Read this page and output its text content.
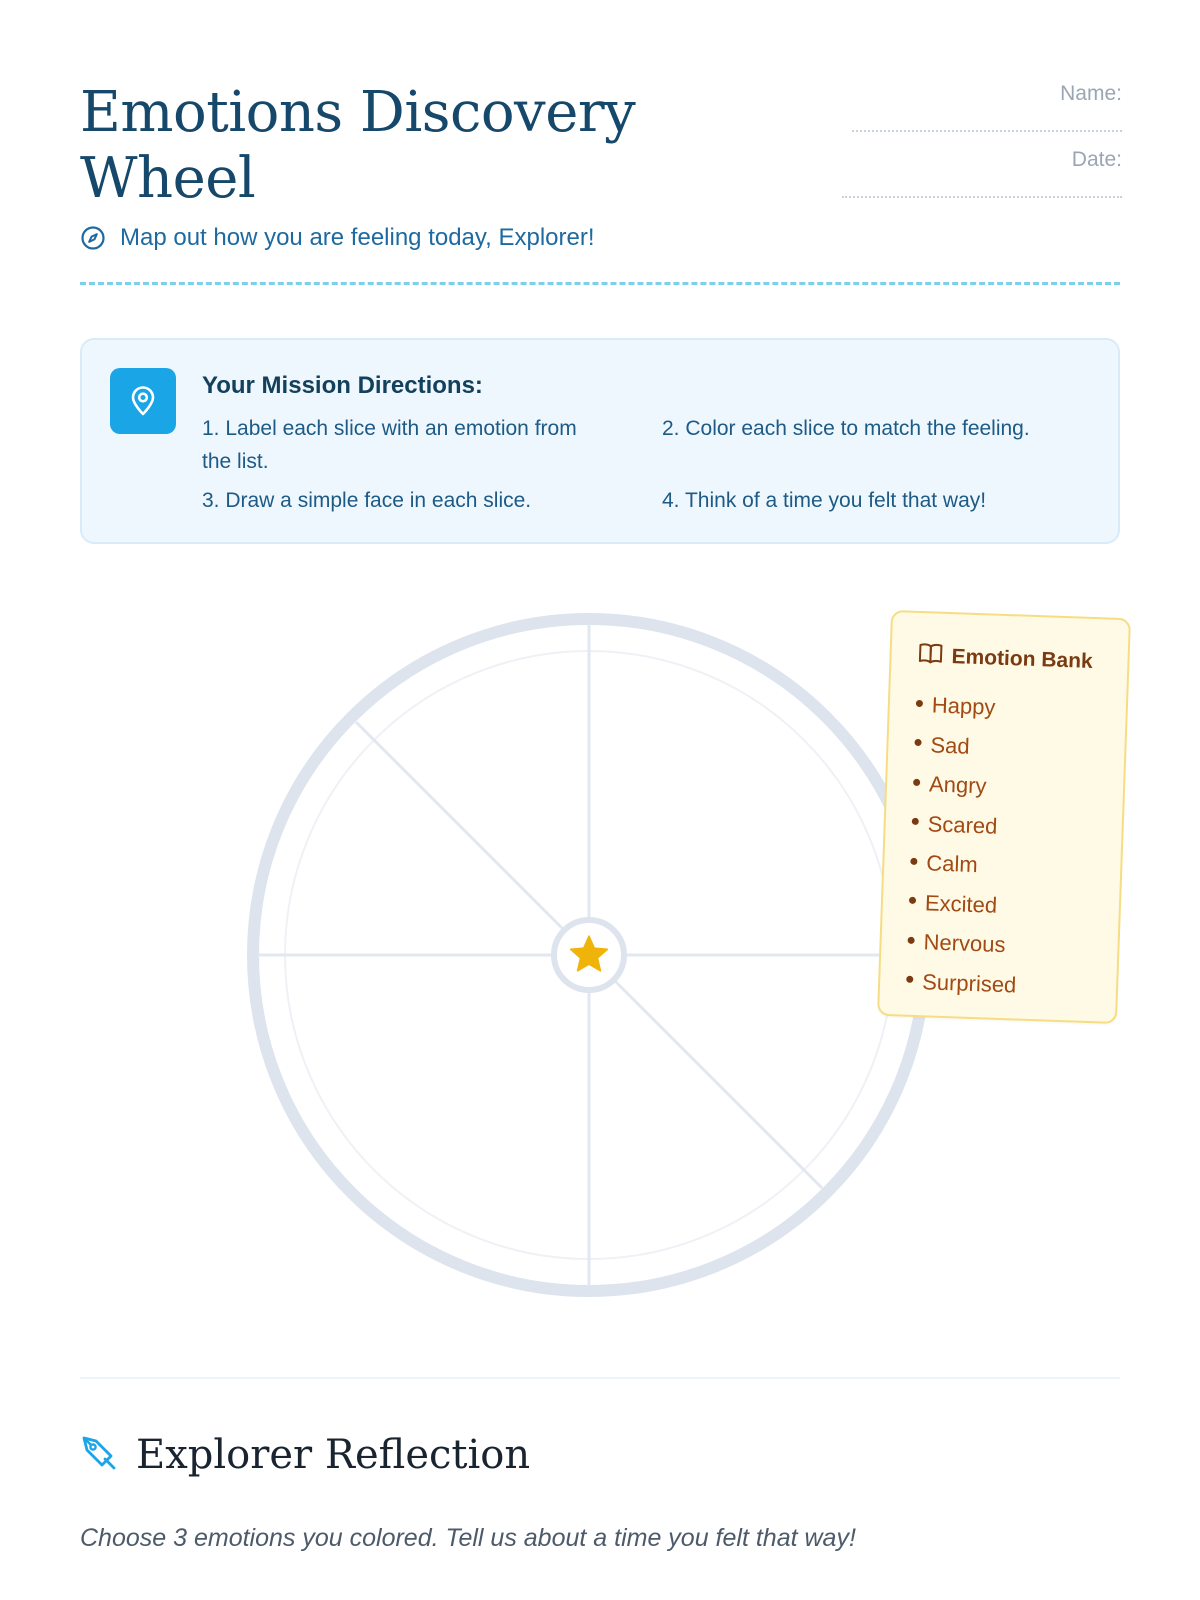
Emotions Discovery Wheel
Map out how you are feeling today, Explorer!
Name:
Date:
Your Mission Directions:
1. Label each slice with an emotion from the list.
2. Color each slice to match the feeling.
3. Draw a simple face in each slice.	4. Think of a time you felt that way!
Emotion Bank
Happy
Sad
Angry
Scared
Calm
Excited
Nervous
Surprised
Explorer Reflection

Choose 3 emotions you colored. Tell us about a time you felt that way!
